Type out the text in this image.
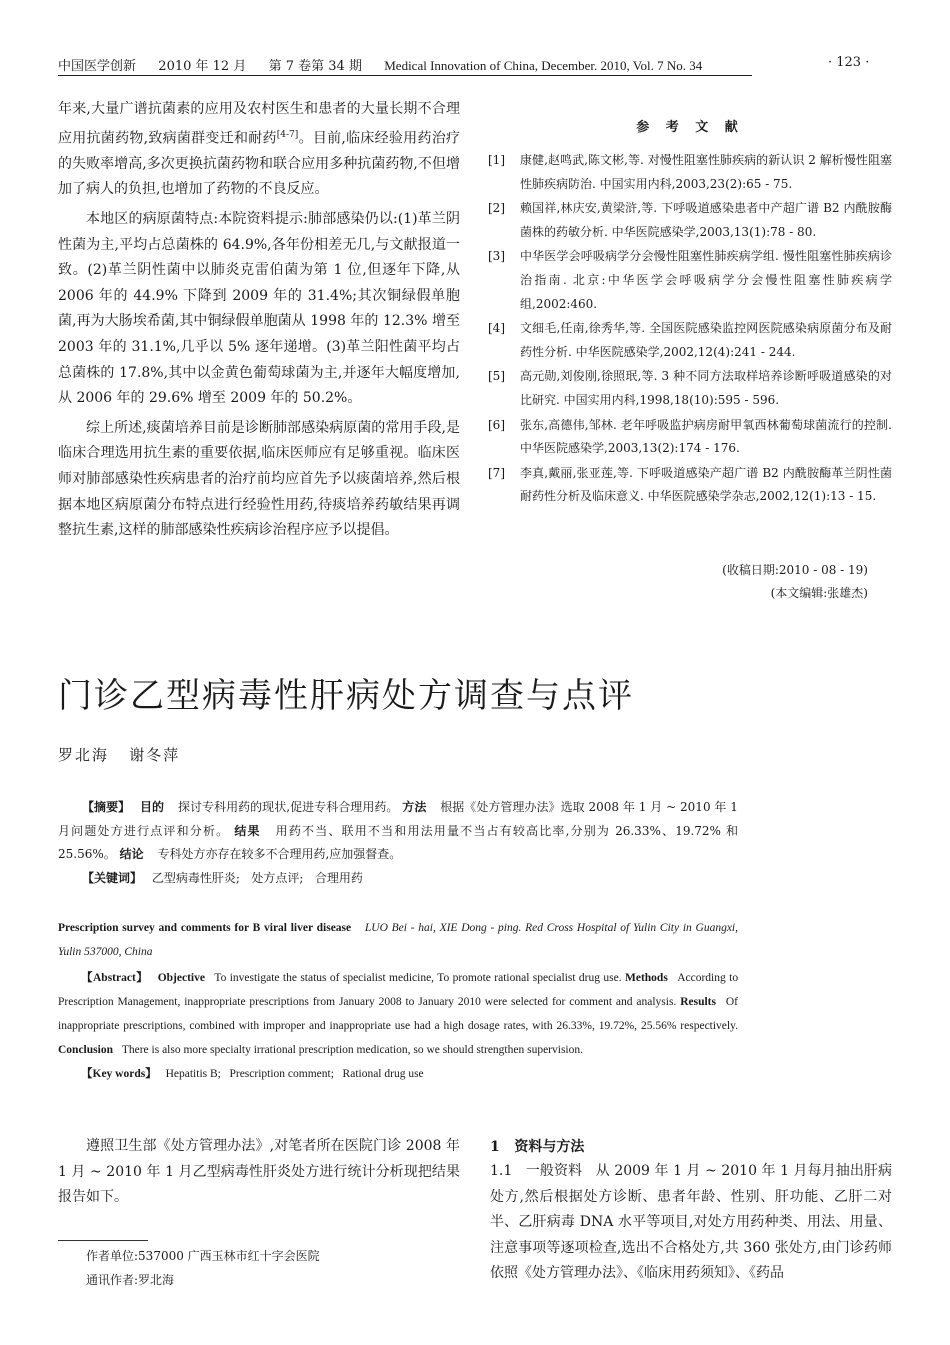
中国医学创新 2010 年 12 月 第 7 卷第 34 期 Medical Innovation of China, December. 2010, Vol. 7 No. 34	· 123 ·

年来,大量广谱抗菌素的应用及农村医生和患者的大量长期不合理应用抗菌药物,致病菌群变迁和耐药[4-7]。目前,临床经验用药治疗的失败率增高,多次更换抗菌药物和联合应用多种抗菌药物,不但增加了病人的负担,也增加了药物的不良反应。

本地区的病原菌特点:本院资料提示:肺部感染仍以:(1)革兰阴性菌为主,平均占总菌株的 64.9%,各年份相差无几,与文献报道一致。(2)革兰阴性菌中以肺炎克雷伯菌为第 1 位,但逐年下降,从 2006 年的 44.9% 下降到 2009 年的 31.4%;其次铜绿假单胞菌,再为大肠埃希菌,其中铜绿假单胞菌从 1998 年的 12.3% 增至 2003 年的 31.1%,几乎以 5% 逐年递增。(3)革兰阳性菌平均占总菌株的 17.8%,其中以金黄色葡萄球菌为主,并逐年大幅度增加,从 2006 年的 29.6% 增至 2009 年的 50.2%。

综上所述,痰菌培养目前是诊断肺部感染病原菌的常用手段,是临床合理选用抗生素的重要依据,临床医师应有足够重视。临床医师对肺部感染性疾病患者的治疗前均应首先予以痰菌培养,然后根据本地区病原菌分布特点进行经验性用药,待痰培养药敏结果再调整抗生素,这样的肺部感染性疾病诊治程序应予以提倡。

参 考 文 献

[1] 康健,赵鸣武,陈文彬,等. 对慢性阻塞性肺疾病的新认识 2 解析慢性阻塞性肺疾病防治. 中国实用内科,2003,23(2):65 - 75.

[2] 赖国祥,林庆安,黄梁浒,等. 下呼吸道感染患者中产超广谱 B2 内酰胺酶菌株的药敏分析. 中华医院感染学,2003,13(1):78 - 80.

[3] 中华医学会呼吸病学分会慢性阻塞性肺疾病学组. 慢性阻塞性肺疾病诊治指南. 北京:中华医学会呼吸病学分会慢性阻塞性肺疾病学组,2002:460.

[4] 文细毛,任南,徐秀华,等. 全国医院感染监控网医院感染病原菌分布及耐药性分析. 中华医院感染学,2002,12(4):241 - 244.

[5] 高元勋,刘俊刚,徐照珉,等. 3 种不同方法取样培养诊断呼吸道感染的对比研究. 中国实用内科,1998,18(10):595 - 596.

[6] 张东,高德伟,邹林. 老年呼吸监护病房耐甲氧西林葡萄球菌流行的控制. 中华医院感染学,2003,13(2):174 - 176.

[7] 李真,戴丽,张亚莲,等. 下呼吸道感染产超广谱 B2 内酰胺酶革兰阴性菌耐药性分析及临床意义. 中华医院感染学杂志,2002,12(1):13 - 15.

(收稿日期:2010 - 08 - 19)
(本文编辑:张雄杰)
门诊乙型病毒性肝病处方调查与点评
罗北海   谢冬萍
【摘要】 目的 探讨专科用药的现状,促进专科合理用药。 方法 根据《处方管理办法》选取 2008 年 1 月 ~ 2010 年 1 月问题处方进行点评和分析。 结果 用药不当、联用不当和用法用量不当占有较高比率,分别为 26.33%、19.72% 和 25.56%。 结论 专科处方亦存在较多不合理用药,应加强督查。
【关键词】 乙型病毒性肝炎;   处方点评;   合理用药
Prescription survey and comments for B viral liver disease LUO Bei - hai, XIE Dong - ping. Red Cross Hospital of Yulin City in Guangxi, Yulin 537000, China
【Abstract】 Objective To investigate the status of specialist medicine, To promote rational specialist drug use. Methods According to Prescription Management, inappropriate prescriptions from January 2008 to January 2010 were selected for comment and analysis. Results Of inappropriate prescriptions, combined with improper and inappropriate use had a high dosage rates, with 26.33%, 19.72%, 25.56% respectively. Conclusion There is also more specialty irrational prescription medication, so we should strengthen supervision.
【Key words】 Hepatitis B;   Prescription comment;   Rational drug use

遵照卫生部《处方管理办法》,对笔者所在医院门诊 2008 年 1 月 ~ 2010 年 1 月乙型病毒性肝炎处方进行统计分析现把结果报告如下。

1   资料与方法

1.1   一般资料   从 2009 年 1 月 ~ 2010 年 1 月每月抽出肝病处方,然后根据处方诊断、患者年龄、性别、肝功能、乙肝二对半、乙肝病毒 DNA 水平等项目,对处方用药种类、用法、用量、注意事项等逐项检查,选出不合格处方,共 360 张处方,由门诊药师依照《处方管理办法》、《临床用药须知》、《药品

作者单位:537000 广西玉林市红十字会医院
通讯作者:罗北海
